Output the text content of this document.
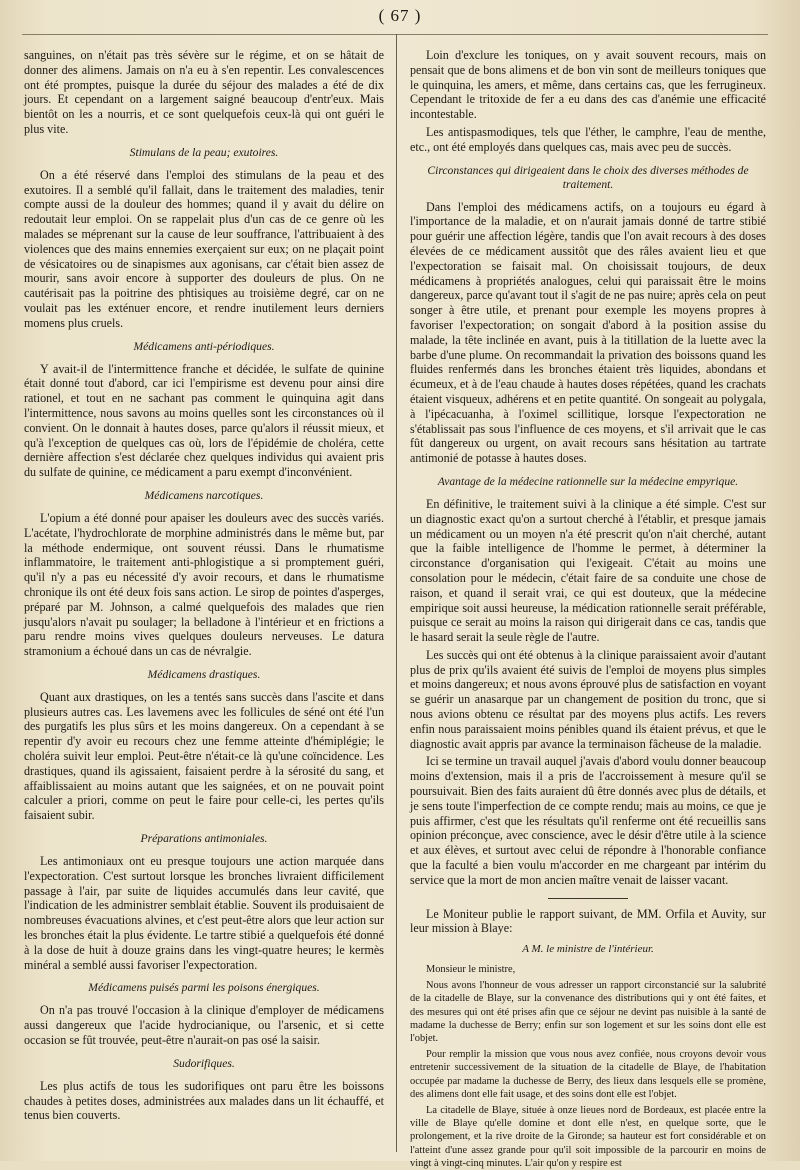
( 67 )

sanguines, on n'était pas très sévère sur le régime, et on se hâtait de donner des alimens. Jamais on n'a eu à s'en repentir. Les convalescences ont été promptes, puisque la durée du séjour des malades a été de dix jours. Et cependant on a largement saigné beaucoup d'entr'eux. Mais bientôt on les a nourris, et ce sont quelquefois ceux-là qui ont guéri le plus vite.

Stimulans de la peau; exutoires.

On a été réservé dans l'emploi des stimulans de la peau et des exutoires. Il a semblé qu'il fallait, dans le traitement des maladies, tenir compte aussi de la douleur des hommes; quand il y avait du délire on redoutait leur emploi. On se rappelait plus d'un cas de ce genre où les malades se méprenant sur la cause de leur souffrance, l'attribuaient à des violences que des mains ennemies exerçaient sur eux; on ne plaçait point de vésicatoires ou de sinapismes aux agonisans, car c'était bien assez de mourir, sans avoir encore à supporter des douleurs de plus. On ne cautérisait pas la poitrine des phtisiques au troisième degré, car on ne voulait pas les exténuer encore, et rendre inutilement leurs derniers momens plus cruels.

Médicamens anti-périodiques.

Y avait-il de l'intermittence franche et décidée, le sulfate de quinine était donné tout d'abord, car ici l'empirisme est devenu pour ainsi dire rationel, et tout en ne sachant pas comment le quinquina agit dans l'intermittence, nous savons au moins quelles sont les circonstances où il convient. On le donnait à hautes doses, parce qu'alors il réussit mieux, et qu'à l'exception de quelques cas où, lors de l'épidémie de choléra, cette dernière affection s'est déclarée chez quelques individus qui avaient pris du sulfate de quinine, ce médicament a paru exempt d'inconvénient.

Médicamens narcotiques.

L'opium a été donné pour apaiser les douleurs avec des succès variés. L'acétate, l'hydrochlorate de morphine administrés dans le même but, par la méthode endermique, ont souvent réussi. Dans le rhumatisme inflammatoire, le traitement anti-phlogistique a si promptement guéri, qu'il n'y a pas eu nécessité d'y avoir recours, et dans le rhumatisme chronique ils ont été deux fois sans action. Le sirop de pointes d'asperges, préparé par M. Johnson, a calmé quelquefois des malades que rien jusqu'alors n'avait pu soulager; la belladone à l'intérieur et en frictions a paru rendre moins vives quelques douleurs nerveuses. Le datura stramonium a échoué dans un cas de névralgie.

Médicamens drastiques.

Quant aux drastiques, on les a tentés sans succès dans l'ascite et dans plusieurs autres cas. Les lavemens avec les follicules de séné ont été l'un des purgatifs les plus sûrs et les moins dangereux. On a cependant à se repentir d'y avoir eu recours chez une femme atteinte d'hémiplégie; le choléra suivit leur emploi. Peut-être n'était-ce là qu'une coïncidence. Les drastiques, quand ils agissaient, faisaient perdre à la sérosité du sang, et affaiblissaient au moins autant que les saignées, et on ne pouvait point calculer a priori, comme on peut le faire pour celle-ci, les pertes qu'ils faisaient subir.

Préparations antimoniales.

Les antimoniaux ont eu presque toujours une action marquée dans l'expectoration. C'est surtout lorsque les bronches livraient difficilement passage à l'air, par suite de liquides accumulés dans leur cavité, que l'indication de les administrer semblait établie. Souvent ils produisaient de nombreuses évacuations alvines, et c'est peut-être alors que leur action sur les bronches était la plus évidente. Le tartre stibié a quelquefois été donné à la dose de huit à douze grains dans les vingt-quatre heures; le kermès minéral a semblé aussi favoriser l'expectoration.

Médicamens puisés parmi les poisons énergiques.

On n'a pas trouvé l'occasion à la clinique d'employer de médicamens aussi dangereux que l'acide hydrocianique, ou l'arsenic, et si cette occasion se fût trouvée, peut-être n'aurait-on pas osé la saisir.

Sudorifiques.

Les plus actifs de tous les sudorifiques ont paru être les boissons chaudes à petites doses, administrées aux malades dans un lit échauffé, et tenus bien couverts.

Loin d'exclure les toniques, on y avait souvent recours, mais on pensait que de bons alimens et de bon vin sont de meilleurs toniques que le quinquina, les amers, et même, dans certains cas, que les ferrugineux. Cependant le tritoxide de fer a eu dans des cas d'anémie une efficacité incontestable.

Les antispasmodiques, tels que l'éther, le camphre, l'eau de menthe, etc., ont été employés dans quelques cas, mais avec peu de succès.

Circonstances qui dirigeaient dans le choix des diverses méthodes de traitement.

Dans l'emploi des médicamens actifs, on a toujours eu égard à l'importance de la maladie, et on n'aurait jamais donné de tartre stibié pour guérir une affection légère, tandis que l'on avait recours à des doses élevées de ce médicament aussitôt que des râles avaient lieu et que l'expectoration se faisait mal. On choisissait toujours, de deux médicamens à propriétés analogues, celui qui paraissait être le moins dangereux, parce qu'avant tout il s'agit de ne pas nuire; après cela on peut songer à être utile, et prenant pour exemple les moyens propres à favoriser l'expectoration; on songait d'abord à la position assise du malade, la tête inclinée en avant, puis à la titillation de la luette avec la barbe d'une plume. On recommandait la privation des boissons quand les fluides renfermés dans les bronches étaient très liquides, abondans et écumeux, et à de l'eau chaude à hautes doses répétées, quand les crachats étaient visqueux, adhérens et en petite quantité. On songeait au polygala, à l'ipécacuanha, à l'oximel scillitique, lorsque l'expectoration ne s'établissait pas sous l'influence de ces moyens, et s'il arrivait que le cas fût dangereux ou urgent, on avait recours sans hésitation au tartrate antimonié de potasse à hautes doses.

Avantage de la médecine rationnelle sur la médecine empyrique.

En définitive, le traitement suivi à la clinique a été simple. C'est sur un diagnostic exact qu'on a surtout cherché à l'établir, et presque jamais un médicament ou un moyen n'a été prescrit qu'on n'ait cherché, autant que la faible intelligence de l'homme le permet, à déterminer la circonstance d'organisation qui l'exigeait. C'était au moins une consolation pour le médecin, c'était faire de sa conduite une chose de raison, et quand il serait vrai, ce qui est douteux, que la médecine empirique soit aussi heureuse, la médication rationnelle serait préférable, puisque ce serait au moins la raison qui dirigerait dans ce cas, tandis que le hasard serait la seule règle de l'autre.

Les succès qui ont été obtenus à la clinique paraissaient avoir d'autant plus de prix qu'ils avaient été suivis de l'emploi de moyens plus simples et moins dangereux; et nous avons éprouvé plus de satisfaction en voyant se guérir un anasarque par un changement de position du tronc, que si nous avions obtenu ce résultat par des moyens plus actifs. Les revers enfin nous paraissaient moins pénibles quand ils étaient prévus, et que le diagnostic avait appris par avance la terminaison fâcheuse de la maladie.

Ici se termine un travail auquel j'avais d'abord voulu donner beaucoup moins d'extension, mais il a pris de l'accroissement à mesure qu'il se poursuivait. Bien des faits auraient dû être donnés avec plus de détails, et je sens toute l'imperfection de ce compte rendu; mais au moins, ce que je puis affirmer, c'est que les résultats qu'il renferme ont été recueillis sans opinion préconçue, avec conscience, avec le désir d'être utile à la science et aux élèves, et surtout avec celui de répondre à l'honorable confiance que la faculté a bien voulu m'accorder en me chargeant par intérim du service que la mort de mon ancien maître venait de laisser vacant.

Le Moniteur publie le rapport suivant, de MM. Orfila et Auvity, sur leur mission à Blaye:

A M. le ministre de l'intérieur.

Monsieur le ministre,

Nous avons l'honneur de vous adresser un rapport circonstancié sur la salubrité de la citadelle de Blaye, sur la convenance des distributions qui y ont été faites, et des mesures qui ont été prises afin que ce séjour ne devint pas nuisible à la santé de madame la duchesse de Berry; enfin sur son logement et sur les soins dont elle est l'objet.

Pour remplir la mission que vous nous avez confiée, nous croyons devoir vous entretenir successivement de la situation de la citadelle de Blaye, de l'habitation occupée par madame la duchesse de Berry, des lieux dans lesquels elle se promène, des alimens dont elle fait usage, et des soins dont elle est l'objet.

La citadelle de Blaye, située à onze lieues nord de Bordeaux, est placée entre la ville de Blaye qu'elle domine et dont elle n'est, en quelque sorte, que le prolongement, et la rive droite de la Gironde; sa hauteur est fort considérable et on l'atteint d'une assez grande pour qu'il soit impossible de la parcourir en moins de vingt à vingt-cinq minutes. L'air qu'on y respire est
